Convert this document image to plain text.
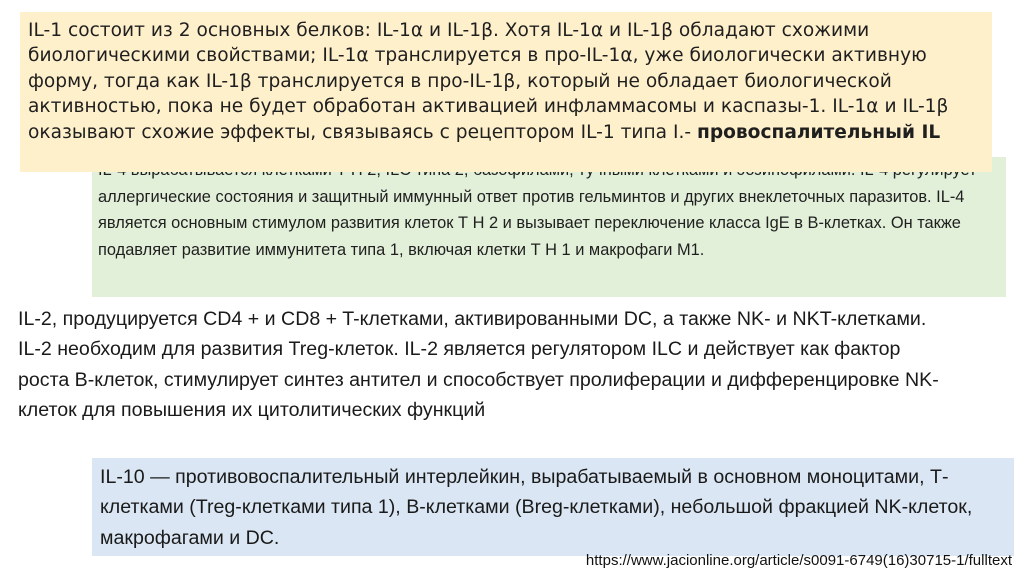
аллергические состояния и защитный иммунный ответ против гельминтов и других внеклеточных паразитов. IL-4 является основным стимулом развития клеток Т Н 2 и вызывает переключение класса IgE в B-клетках. Он также подавляет развитие иммунитета типа 1, включая клетки Т Н 1 и макрофаги М1.

IL-1 состоит из 2 основных белков: IL-1α и IL-1β. Хотя IL-1α и IL-1β обладают схожими биологическими свойствами; IL-1α транслируется в про-IL-1α, уже биологически активную форму, тогда как IL-1β транслируется в про-IL-1β, который не обладает биологической активностью, пока не будет обработан активацией инфламмасомы и каспазы-1. IL-1α и IL-1β оказывают схожие эффекты, связываясь с рецептором IL-1 типа I.- провоспалительный IL

IL-2, продуцируется CD4 + и CD8 + T-клетками, активированными DC, а также NK- и NKT-клетками. IL-2 необходим для развития Treg-клеток. IL-2 является регулятором ILC и действует как фактор роста B-клеток, стимулирует синтез антител и способствует пролиферации и дифференцировке NK-клеток для повышения их цитолитических функций

IL-10 — противовоспалительный интерлейкин, вырабатываемый в основном моноцитами, Т-клетками (Treg-клетками типа 1), B-клетками (Breg-клетками), небольшой фракцией NK-клеток, макрофагами и DC.

https://www.jacionline.org/article/s0091-6749(16)30715-1/fulltext
